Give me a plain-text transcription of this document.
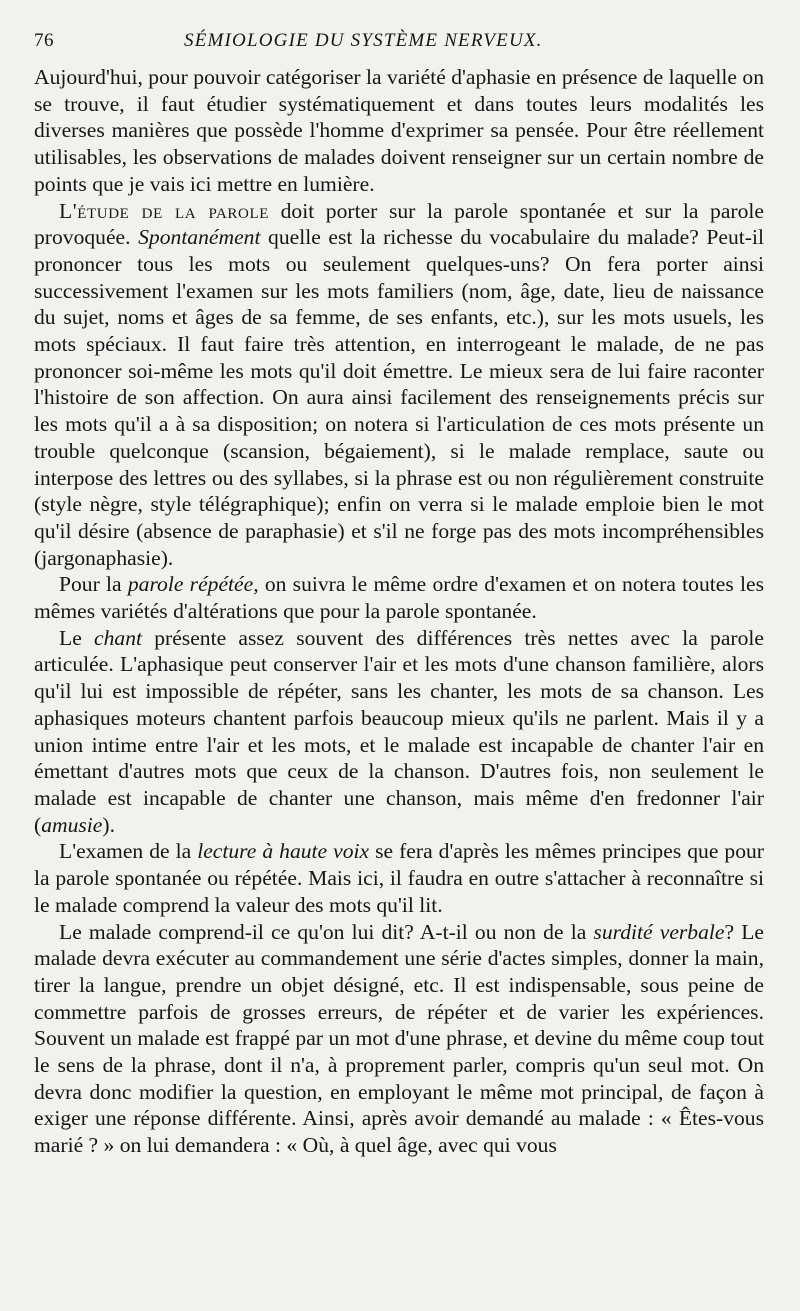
76	SÉMIOLOGIE DU SYSTÈME NERVEUX.

Aujourd'hui, pour pouvoir catégoriser la variété d'aphasie en présence de laquelle on se trouve, il faut étudier systématiquement et dans toutes leurs modalités les diverses manières que possède l'homme d'exprimer sa pensée. Pour être réellement utilisables, les observations de malades doivent renseigner sur un certain nombre de points que je vais ici mettre en lumière.

L'étude de la parole doit porter sur la parole spontanée et sur la parole provoquée. Spontanément quelle est la richesse du vocabulaire du malade? Peut-il prononcer tous les mots ou seulement quelques-uns? On fera porter ainsi successivement l'examen sur les mots familiers (nom, âge, date, lieu de naissance du sujet, noms et âges de sa femme, de ses enfants, etc.), sur les mots usuels, les mots spéciaux. Il faut faire très attention, en interrogeant le malade, de ne pas prononcer soi-même les mots qu'il doit émettre. Le mieux sera de lui faire raconter l'histoire de son affection. On aura ainsi facilement des renseignements précis sur les mots qu'il a à sa disposition; on notera si l'articulation de ces mots présente un trouble quelconque (scansion, bégaiement), si le malade remplace, saute ou interpose des lettres ou des syllabes, si la phrase est ou non régulièrement construite (style nègre, style télégraphique); enfin on verra si le malade emploie bien le mot qu'il désire (absence de paraphasie) et s'il ne forge pas des mots incompréhensibles (jargonaphasie).

Pour la parole répétée, on suivra le même ordre d'examen et on notera toutes les mêmes variétés d'altérations que pour la parole spontanée.

Le chant présente assez souvent des différences très nettes avec la parole articulée. L'aphasique peut conserver l'air et les mots d'une chanson familière, alors qu'il lui est impossible de répéter, sans les chanter, les mots de sa chanson. Les aphasiques moteurs chantent parfois beaucoup mieux qu'ils ne parlent. Mais il y a union intime entre l'air et les mots, et le malade est incapable de chanter l'air en émettant d'autres mots que ceux de la chanson. D'autres fois, non seulement le malade est incapable de chanter une chanson, mais même d'en fredonner l'air (amusie).

L'examen de la lecture à haute voix se fera d'après les mêmes principes que pour la parole spontanée ou répétée. Mais ici, il faudra en outre s'attacher à reconnaître si le malade comprend la valeur des mots qu'il lit.

Le malade comprend-il ce qu'on lui dit? A-t-il ou non de la surdité verbale? Le malade devra exécuter au commandement une série d'actes simples, donner la main, tirer la langue, prendre un objet désigné, etc. Il est indispensable, sous peine de commettre parfois de grosses erreurs, de répéter et de varier les expériences. Souvent un malade est frappé par un mot d'une phrase, et devine du même coup tout le sens de la phrase, dont il n'a, à proprement parler, compris qu'un seul mot. On devra donc modifier la question, en employant le même mot principal, de façon à exiger une réponse différente. Ainsi, après avoir demandé au malade : « Êtes-vous marié ? » on lui demandera : « Où, à quel âge, avec qui vous
